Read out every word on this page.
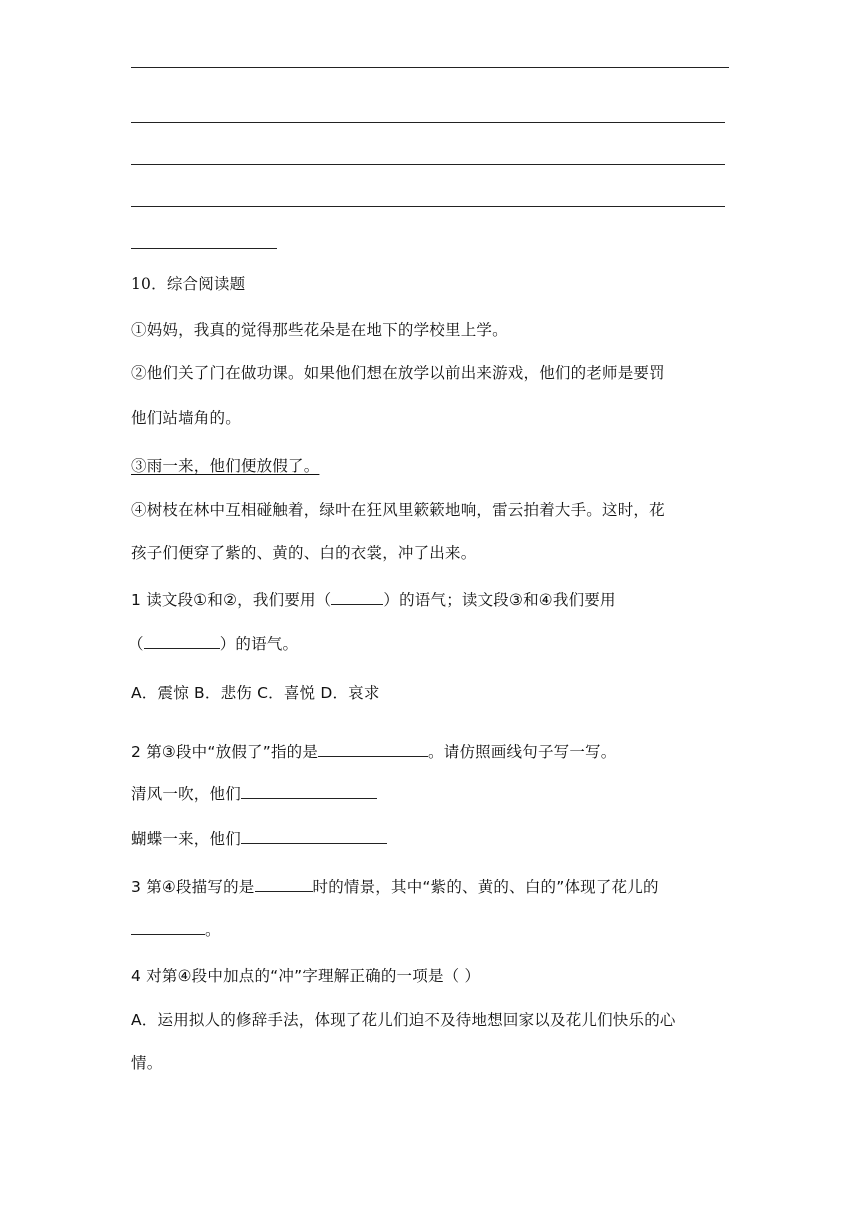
10．综合阅读题
①妈妈，我真的觉得那些花朵是在地下的学校里上学。
②他们关了门在做功课。如果他们想在放学以前出来游戏，他们的老师是要罚
他们站墙角的。
③雨一来，他们便放假了。
④树枝在林中互相碰触着，绿叶在狂风里簌簌地响，雷云拍着大手。这时，花
孩子们便穿了紫的、黄的、白的衣裳，冲了出来。
1 读文段①和②，我们要用（	）的语气；读文段③和④我们要用
（	）的语气。
A．震惊 B．悲伤 C．喜悦 D．哀求
2 第③段中“放假了”指的是	。请仿照画线句子写一写。
清风一吹，他们
蝴蝶一来，他们
3 第④段描写的是	时的情景，其中“紫的、黄的、白的”体现了花儿的
。
4 对第④段中加点的“冲”字理解正确的一项是（ ）
A．运用拟人的修辞手法，体现了花儿们迫不及待地想回家以及花儿们快乐的心
情。
